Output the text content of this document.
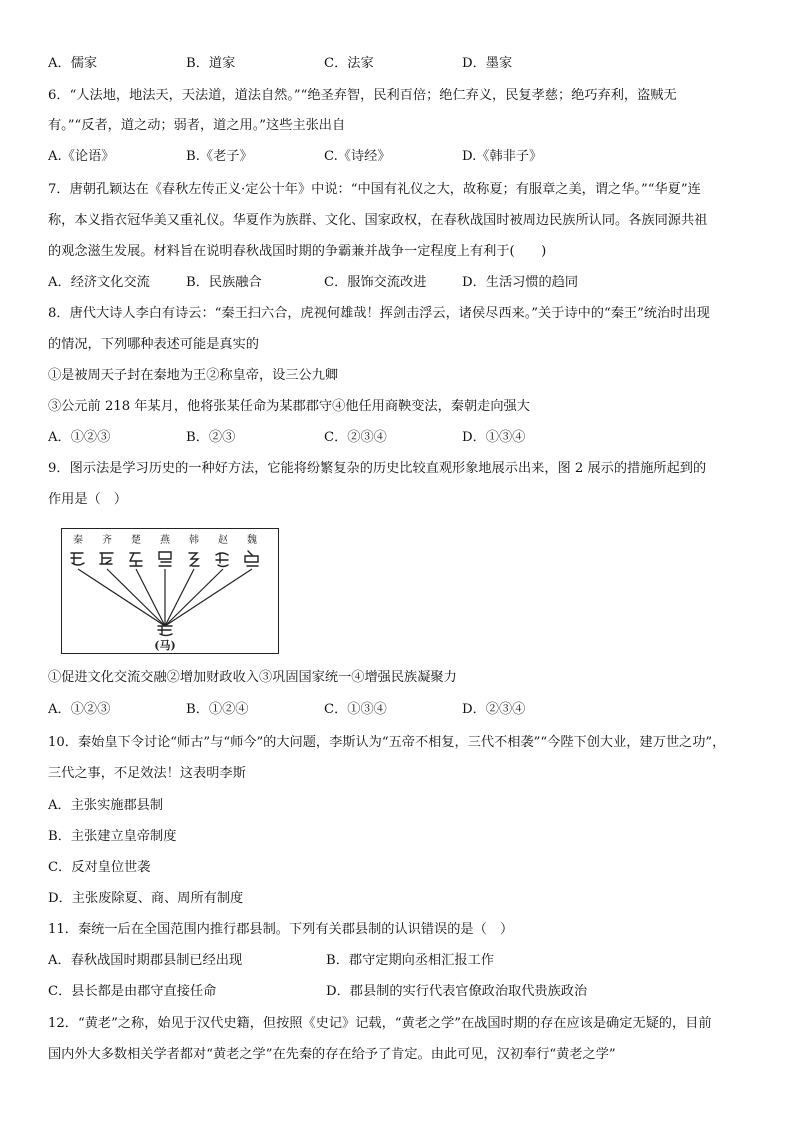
A．儒家	B．道家	C．法家	D．墨家
6．“人法地，地法天，天法道，道法自然。”“绝圣弃智，民利百倍；绝仁弃义，民复孝慈；绝巧弃利，盗贼无
有。”“反者，道之动；弱者，道之用。”这些主张出自
A.《论语》	B.《老子》	C.《诗经》	D.《韩非子》
7．唐朝孔颖达在《春秋左传正义·定公十年》中说：“中国有礼仪之大，故称夏；有服章之美，谓之华。”“华夏”连
称，本义指衣冠华美又重礼仪。华夏作为族群、文化、国家政权，在春秋战国时被周边民族所认同。各族同源共祖
的观念滋生发展。材料旨在说明春秋战国时期的争霸兼并战争一定程度上有利于(　　)
A．经济文化交流	B．民族融合	C．服饰交流改进	D．生活习惯的趋同
8．唐代大诗人李白有诗云：“秦王扫六合，虎视何雄哉！挥剑击浮云，诸侯尽西来。”关于诗中的“秦王”统治时出现
的情况，下列哪种表述可能是真实的
①是被周天子封在秦地为王②称皇帝，设三公九卿
③公元前 218 年某月，他将张某任命为某郡郡守④他任用商鞅变法，秦朝走向强大
A．①②③	B．②③	C．②③④	D．①③④
9．图示法是学习历史的一种好方法，它能将纷繁复杂的历史比较直观形象地展示出来，图 2 展示的措施所起到的
作用是（　）
秦 齐 楚 燕 韩 赵 魏
(马)
①促进文化交流交融②增加财政收入③巩固国家统一④增强民族凝聚力
A．①②③	B．①②④	C．①③④	D．②③④
10．秦始皇下令讨论“师古”与“师今”的大问题，李斯认为“五帝不相复，三代不相袭”“今陛下创大业，建万世之功”，
三代之事，不足效法！这表明李斯
A．主张实施郡县制
B．主张建立皇帝制度
C．反对皇位世袭
D．主张废除夏、商、周所有制度
11．秦统一后在全国范围内推行郡县制。下列有关郡县制的认识错误的是（　）
A．春秋战国时期郡县制已经出现	B．郡守定期向丞相汇报工作
C．县长都是由郡守直接任命	D．郡县制的实行代表官僚政治取代贵族政治
12．“黄老”之称，始见于汉代史籍，但按照《史记》记载，“黄老之学”在战国时期的存在应该是确定无疑的，目前
国内外大多数相关学者都对“黄老之学”在先秦的存在给予了肯定。由此可见，汉初奉行“黄老之学”
